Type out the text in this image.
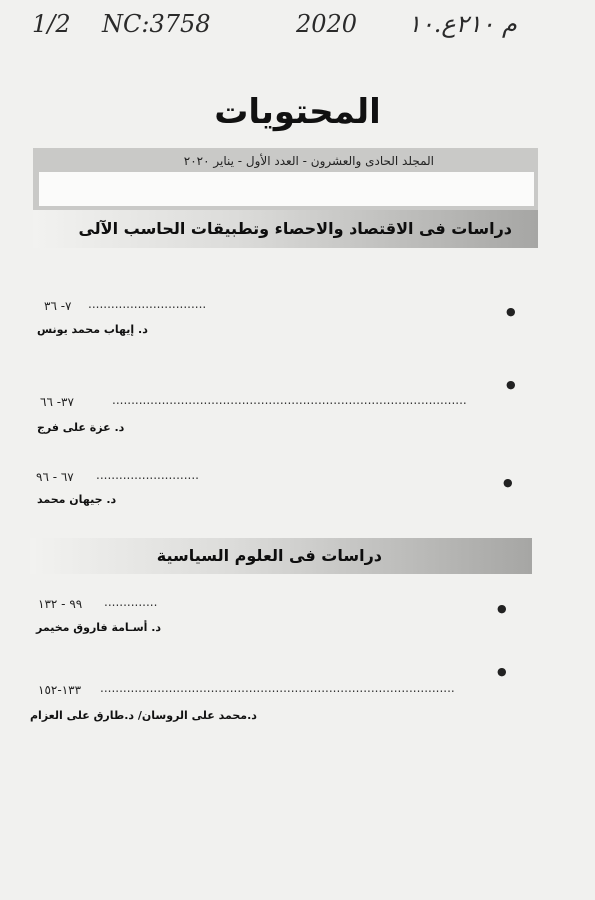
1/2 NC:3758	2020 م ٢١٠ع.١٠
المحتويات
المجلد الحادى والعشرون - العدد الأول - يناير ٢٠٢٠
دراسات فى الاقتصاد والاحصاء وتطبيقات الحاسب الآلى
●
...............................
٧- ٣٦
د. إيهاب محمد يونس
●
.............................................................................................
٣٧- ٦٦
د. عزة على فرج
●
...........................
٦٧ - ٩٦
د. جيهان محمد
دراسات فى العلوم السياسية
●
..............
٩٩ - ١٣٢
د. أسـامة فاروق مخيمر
●
.............................................................................................
١٣٣-١٥٢
د.محمد على الروسان/ د.طارق على العزام
